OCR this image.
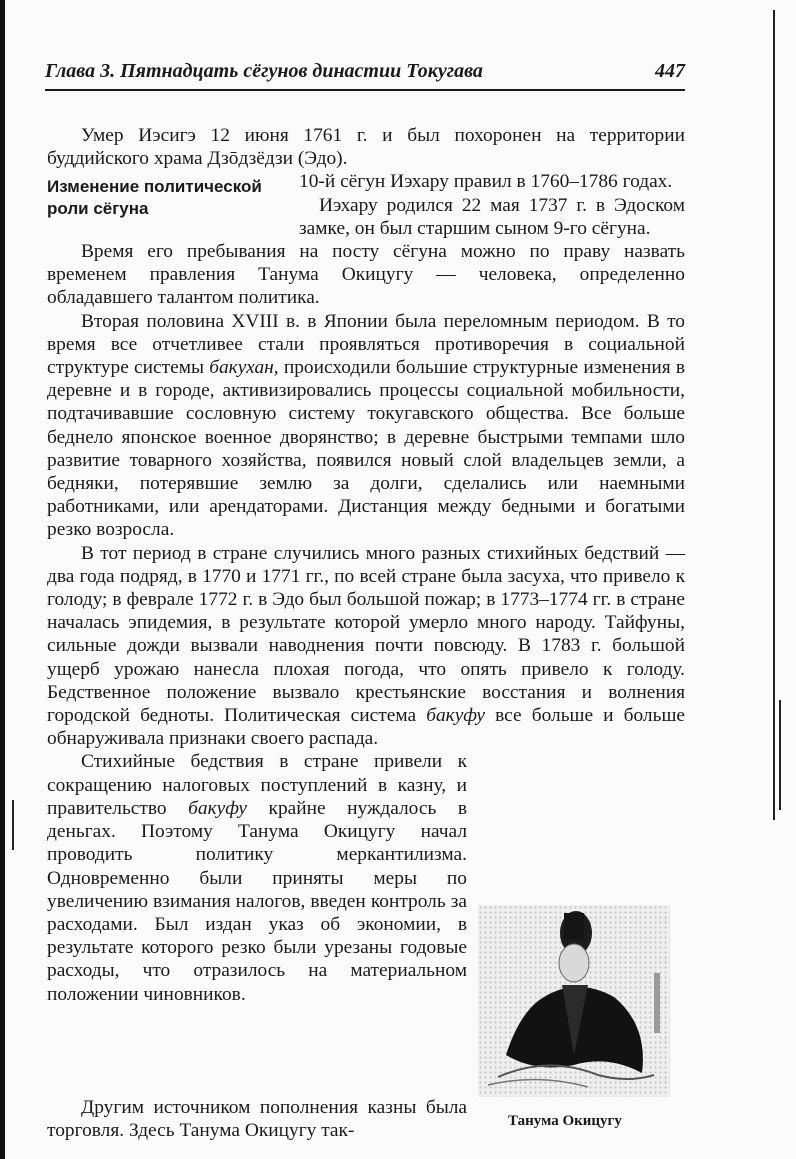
Глава 3. Пятнадцать сёгунов династии Токугава	447

Умер Иэсигэ 12 июня 1761 г. и был похоронен на территории буддийского храма Дзōдзёдзи (Эдо).

Изменение политической роли сёгуна

10-й сёгун Иэхару правил в 1760–1786 годах.

Иэхару родился 22 мая 1737 г. в Эдоском замке, он был старшим сыном 9-го сёгуна.

Время его пребывания на посту сёгуна можно по праву назвать временем правления Танума Окицугу — человека, определенно обладавшего талантом политика.

Вторая половина XVIII в. в Японии была переломным периодом. В то время все отчетливее стали проявляться противоречия в социальной структуре системы бакухан, происходили большие структурные изменения в деревне и в городе, активизировались процессы социальной мобильности, подтачивавшие сословную систему токугавского общества. Все больше беднело японское военное дворянство; в деревне быстрыми темпами шло развитие товарного хозяйства, появился новый слой владельцев земли, а бедняки, потерявшие землю за долги, сделались или наемными работниками, или арендаторами. Дистанция между бедными и богатыми резко возросла.

В тот период в стране случились много разных стихийных бедствий — два года подряд, в 1770 и 1771 гг., по всей стране была засуха, что привело к голоду; в феврале 1772 г. в Эдо был большой пожар; в 1773–1774 гг. в стране началась эпидемия, в результате которой умерло много народу. Тайфуны, сильные дожди вызвали наводнения почти повсюду. В 1783 г. большой ущерб урожаю нанесла плохая погода, что опять привело к голоду. Бедственное положение вызвало крестьянские восстания и волнения городской бедноты. Политическая система бакуфу все больше и больше обнаруживала признаки своего распада.

Стихийные бедствия в стране привели к сокращению налоговых поступлений в казну, и правительство бакуфу крайне нуждалось в деньгах. Поэтому Танума Окицугу начал проводить политику меркантилизма. Одновременно были приняты меры по увеличению взимания налогов, введен контроль за расходами. Был издан указ об экономии, в результате которого резко были урезаны годовые расходы, что отразилось на материальном положении чиновников.

Танума Окицугу

Другим источником пополнения казны была торговля. Здесь Танума Окицугу так-
